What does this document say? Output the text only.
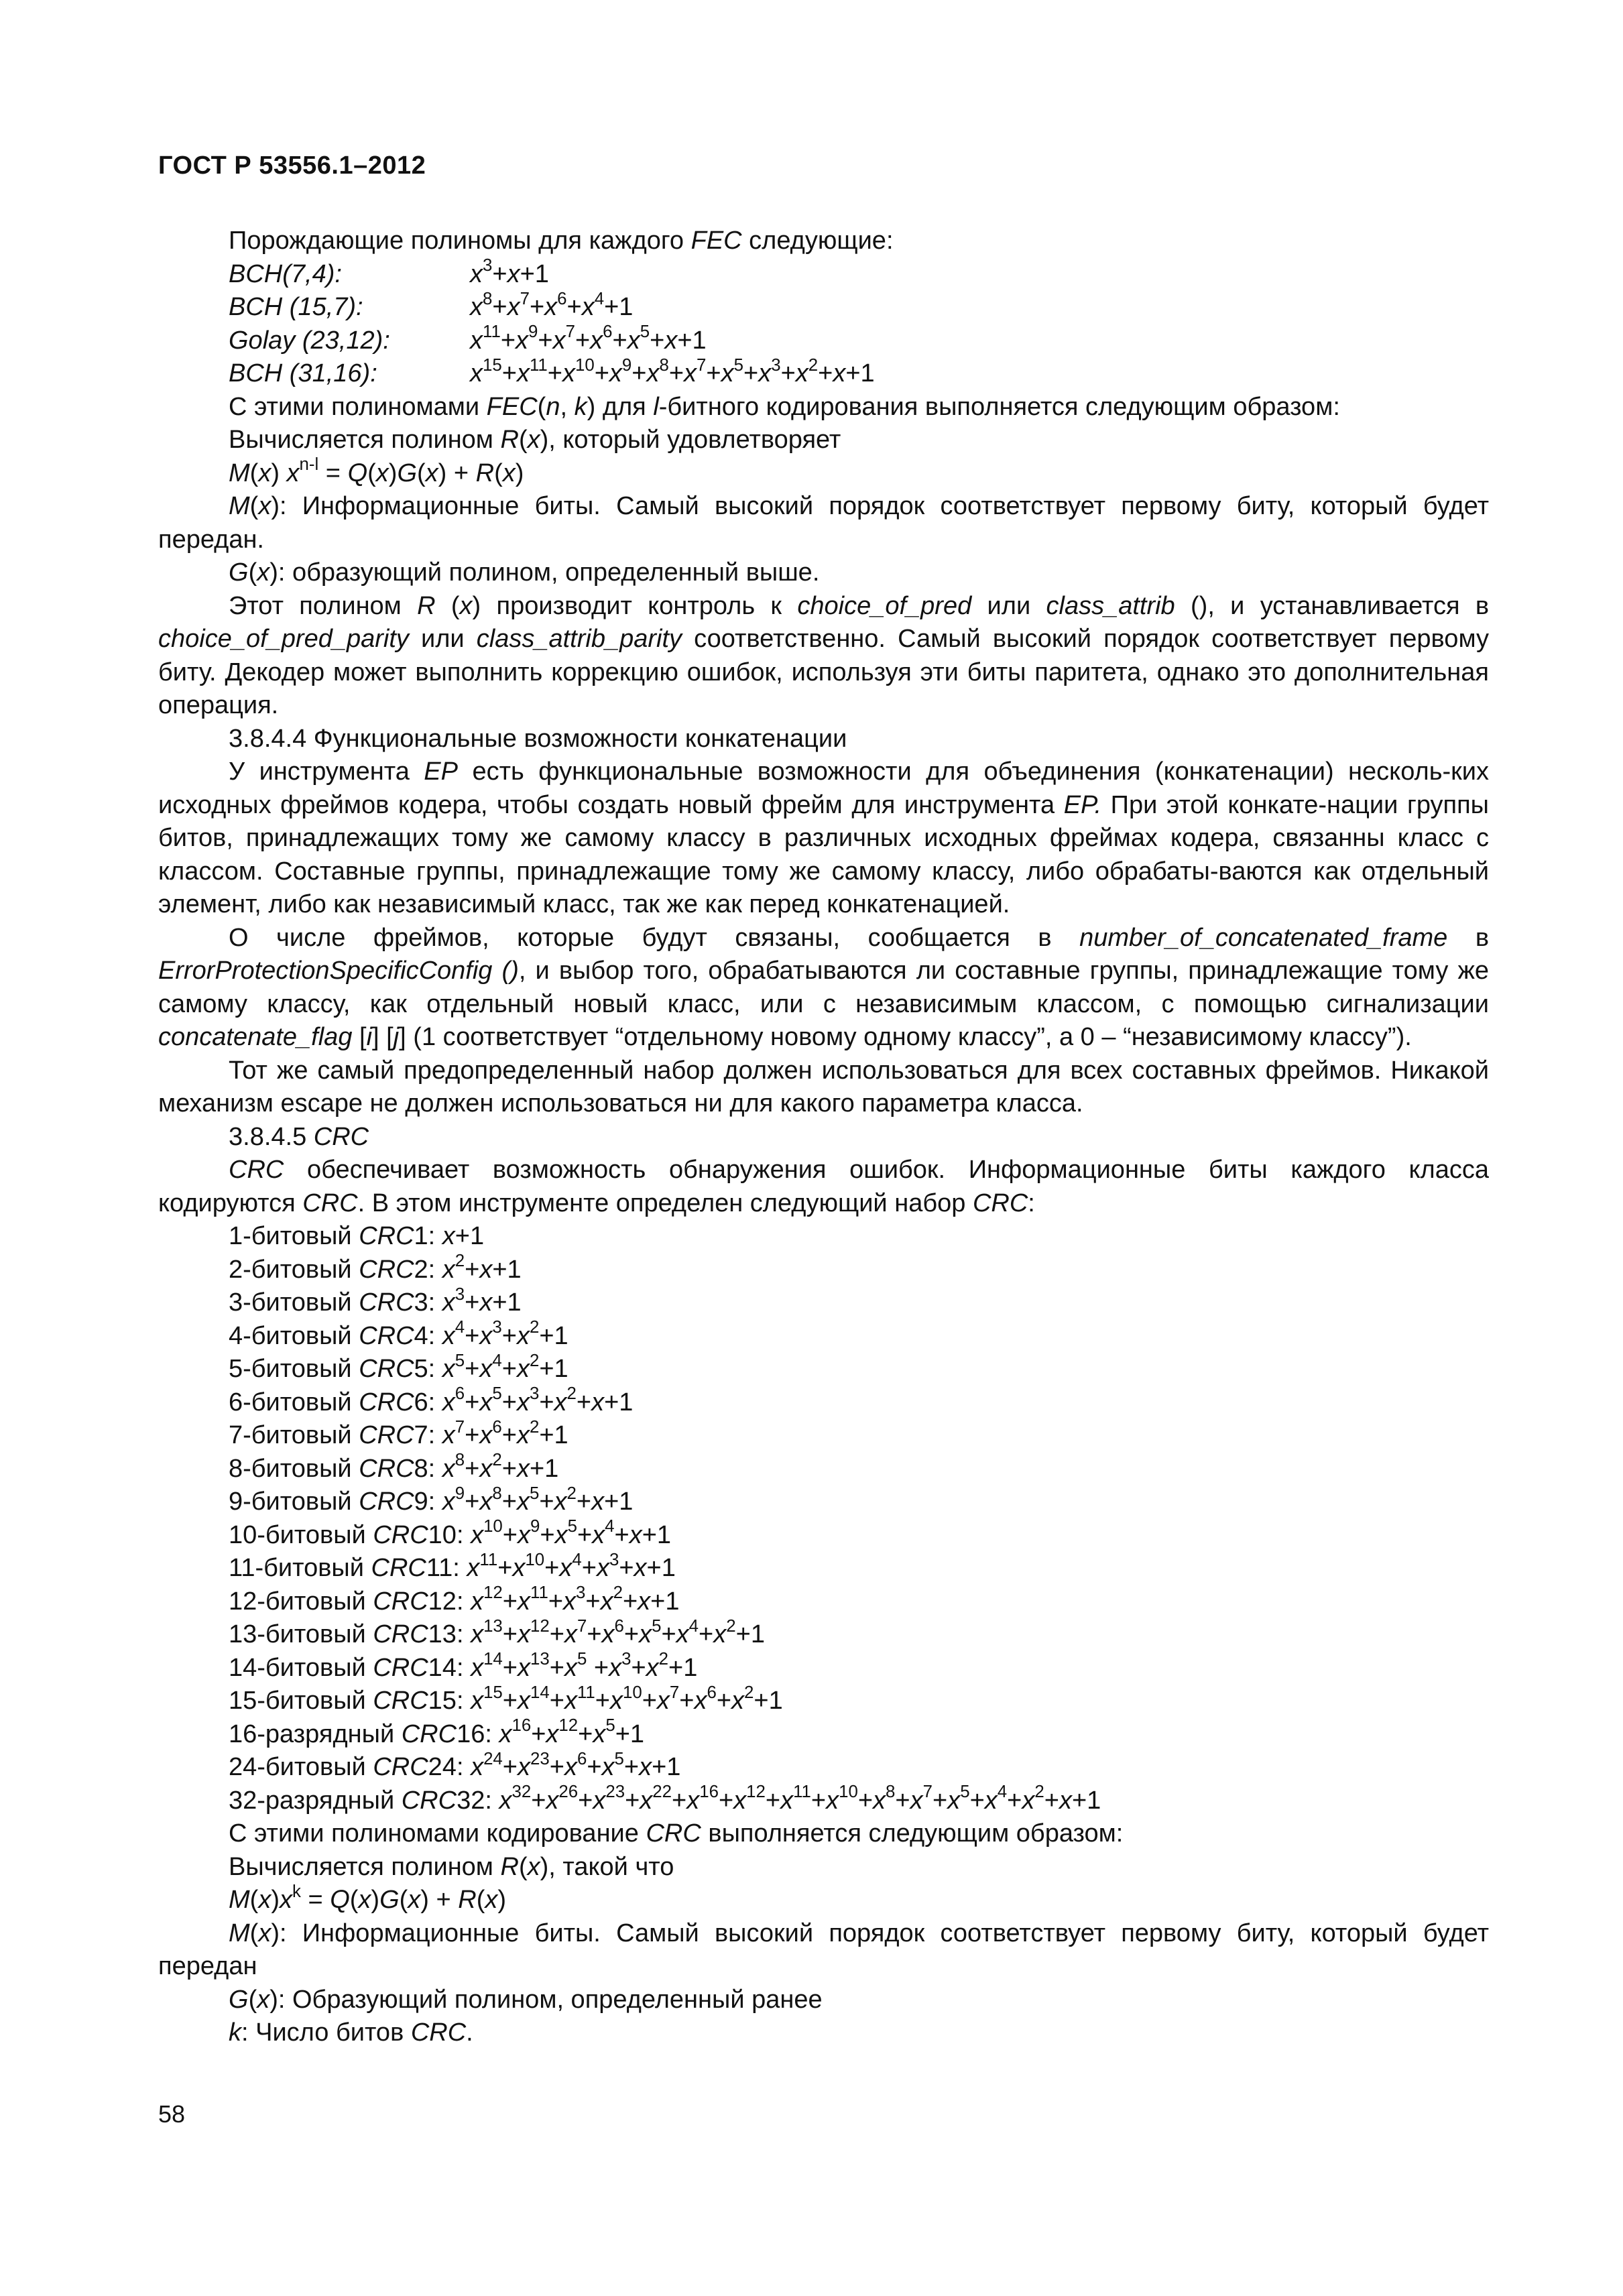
ГОСТ Р 53556.1–2012

Порождающие полиномы для каждого FEC следующие:

BCH(7,4):	$x^3+x+1$
BCH (15,7):	$x^8+x^7+x^6+x^4+1$
Golay (23,12):	$x^{11}+x^9+x^7+x^6+x^5+x+1$
BCH (31,16):	$x^{15}+x^{11}+x^{10}+x^9+x^8+x^7+x^5+x^3+x^2+x+1$

С этими полиномами FEC(n, k) для l-битного кодирования выполняется следующим образом:

Вычисляется полином R(x), который удовлетворяет

M(x) $x^{n-l} = Q(x)G(x) + R(x)$

M(x): Информационные биты. Самый высокий порядок соответствует первому биту, который будет передан.

G(x): образующий полином, определенный выше.

Этот полином R (x) производит контроль к choice_of_pred или class_attrib (), и устанавливается в choice_of_pred_parity или class_attrib_parity соответственно. Самый высокий порядок соответствует первому биту. Декодер может выполнить коррекцию ошибок, используя эти биты паритета, однако это дополнительная операция.

3.8.4.4 Функциональные возможности конкатенации

У инструмента EP есть функциональные возможности для объединения (конкатенации) несколь-ких исходных фреймов кодера, чтобы создать новый фрейм для инструмента EP. При этой конкате-нации группы битов, принадлежащих тому же самому классу в различных исходных фреймах кодера, связанны класс с классом. Составные группы, принадлежащие тому же самому классу, либо обрабаты-ваются как отдельный элемент, либо как независимый класс, так же как перед конкатенацией.

О числе фреймов, которые будут связаны, сообщается в number_of_concatenated_frame в ErrorProtectionSpecificConfig (), и выбор того, обрабатываются ли составные группы, принадлежащие тому же самому классу, как отдельный новый класс, или с независимым классом, с помощью сигнализации concatenate_flag [i] [j] (1 соответствует “отдельному новому одному классу”, а 0 – “независимому классу”).

Тот же самый предопределенный набор должен использоваться для всех составных фреймов. Никакой механизм escape не должен использоваться ни для какого параметра класса.

3.8.4.5 CRC

CRC обеспечивает возможность обнаружения ошибок. Информационные биты каждого класса кодируются CRC. В этом инструменте определен следующий набор CRC:

1-битовый CRC1: x+1

2-битовый CRC2: $x^2+x+1$

3-битовый CRC3: $x^3+x+1$

4-битовый CRC4: $x^4+x^3+x^2+1$

5-битовый CRC5: $x^5+x^4+x^2+1$

6-битовый CRC6: $x^6+x^5+x^3+x^2+x+1$

7-битовый CRC7: $x^7+x^6+x^2+1$

8-битовый CRC8: $x^8+x^2+x+1$

9-битовый CRC9: $x^9+x^8+x^5+x^2+x+1$

10-битовый CRC10: $x^{10}+x^9+x^5+x^4+x+1$

11-битовый CRC11: $x^{11}+x^{10}+x^4+x^3+x+1$

12-битовый CRC12: $x^{12}+x^{11}+x^3+x^2+x+1$

13-битовый CRC13: $x^{13}+x^{12}+x^7+x^6+x^5+x^4+x^2+1$

14-битовый CRC14: $x^{14}+x^{13}+x^5 +x^3+x^2+1$

15-битовый CRC15: $x^{15}+x^{14}+x^{11}+x^{10}+x^7+x^6+x^2+1$

16-разрядный CRC16: $x^{16}+x^{12}+x^5+1$

24-битовый CRC24: $x^{24}+x^{23}+x^6+x^5+x+1$

32-разрядный CRC32: $x^{32}+x^{26}+x^{23}+x^{22}+x^{16}+x^{12}+x^{11}+x^{10}+x^8+x^7+x^5+x^4+x^2+x+1$

С этими полиномами кодирование CRC выполняется следующим образом:

Вычисляется полином R(x), такой что

$M(x)x^k = Q(x)G(x) + R(x)$

M(x): Информационные биты. Самый высокий порядок соответствует первому биту, который будет передан

G(x): Образующий полином, определенный ранее

k: Число битов CRC.

58
